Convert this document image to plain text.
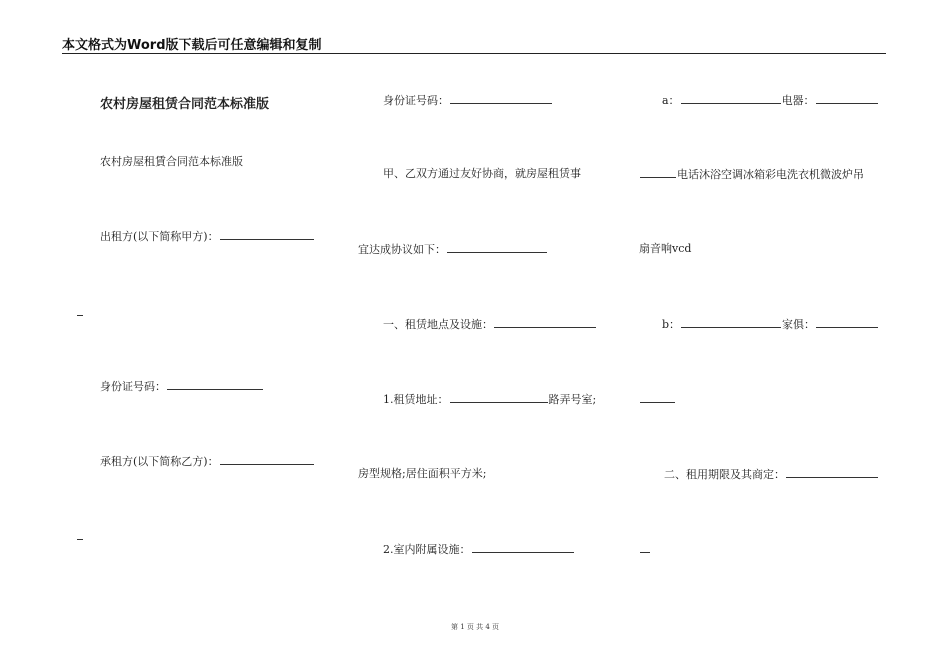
本文格式为Word版下载后可任意编辑和复制
农村房屋租赁合同范本标准版
农村房屋租賃合同范本标准版
出租方(以下简称甲方)：
身份证号码：
承租方(以下简称乙方)：
身份证号码：
甲、乙双方通过友好协商，就房屋租赁事
宜达成协议如下：
一、租赁地点及设施：
1.租赁地址：	路弄号室;
房型规格;居住面积平方米;
2.室内附属设施：
a：	电器：
电话沐浴空调冰箱彩电洗衣机微波炉吊
扇音响vcd
b：	家俱：
二、租用期限及其商定：
第 1 页 共 4 页
